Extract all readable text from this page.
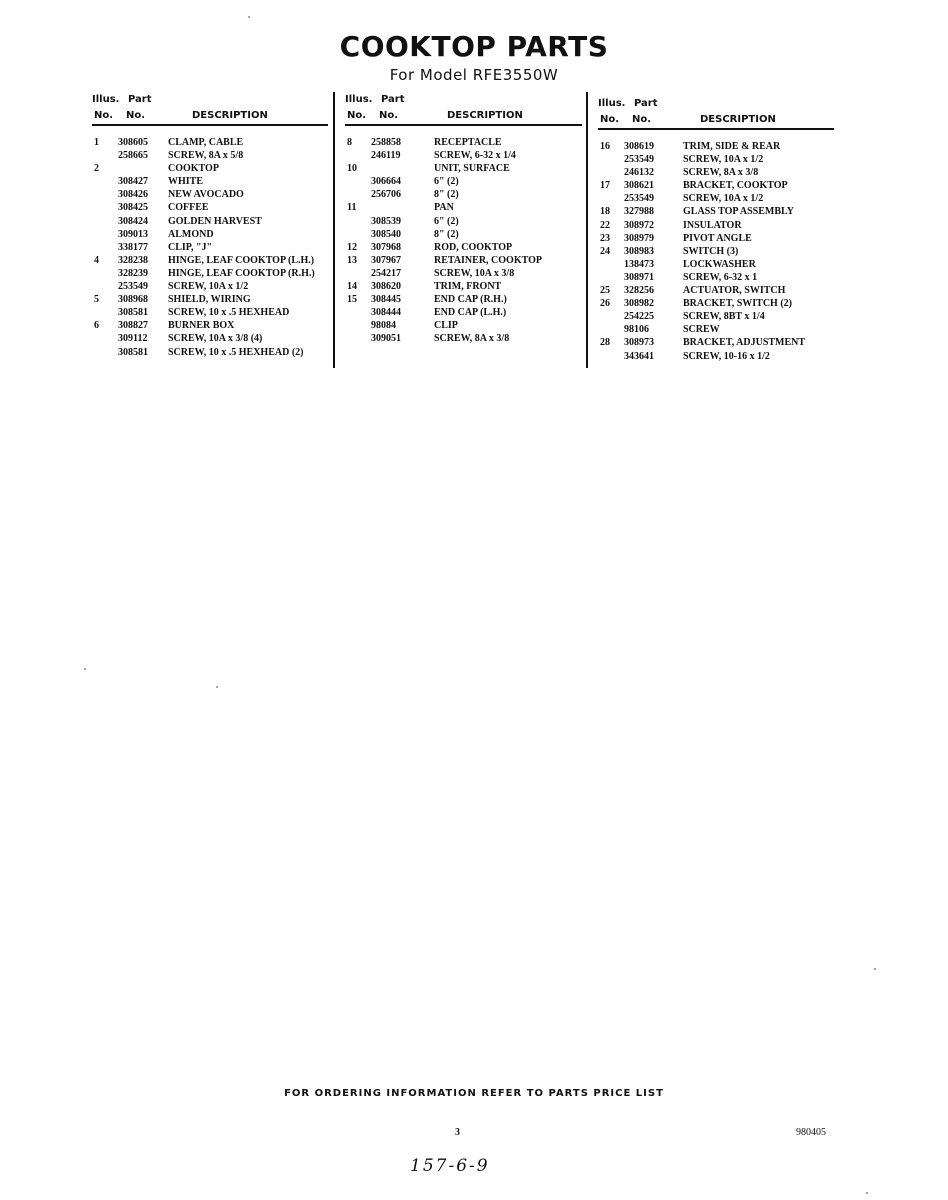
COOKTOP PARTS
For Model RFE3550W
Illus. Part
No. No.	DESCRIPTION
1	308605	CLAMP, CABLE
258665	SCREW, 8A x 5/8
2	COOKTOP
308427	WHITE
308426	NEW AVOCADO
308425	COFFEE
308424	GOLDEN HARVEST
309013	ALMOND
338177	CLIP, "J"
4	328238	HINGE, LEAF COOKTOP (L.H.)
328239	HINGE, LEAF COOKTOP (R.H.)
253549	SCREW, 10A x 1/2
5	308968	SHIELD, WIRING
308581	SCREW, 10 x .5 HEXHEAD
6	308827	BURNER BOX
309112	SCREW, 10A x 3/8 (4)
308581	SCREW, 10 x .5 HEXHEAD (2)
Illus. Part
No. No.	DESCRIPTION
8	258858	RECEPTACLE
246119	SCREW, 6-32 x 1/4
10	UNIT, SURFACE
306664	6" (2)
256706	8" (2)
11	PAN
308539	6" (2)
308540	8" (2)
12	307968	ROD, COOKTOP
13	307967	RETAINER, COOKTOP
254217	SCREW, 10A x 3/8
14	308620	TRIM, FRONT
15	308445	END CAP (R.H.)
308444	END CAP (L.H.)
98084	CLIP
309051	SCREW, 8A x 3/8
Illus. Part
No. No.	DESCRIPTION
16	308619	TRIM, SIDE & REAR
253549	SCREW, 10A x 1/2
246132	SCREW, 8A x 3/8
17	308621	BRACKET, COOKTOP
253549	SCREW, 10A x 1/2
18	327988	GLASS TOP ASSEMBLY
22	308972	INSULATOR
23	308979	PIVOT ANGLE
24	308983	SWITCH (3)
138473	LOCKWASHER
308971	SCREW, 6-32 x 1
25	328256	ACTUATOR, SWITCH
26	308982	BRACKET, SWITCH (2)
254225	SCREW, 8BT x 1/4
98106	SCREW
28	308973	BRACKET, ADJUSTMENT
343641	SCREW, 10-16 x 1/2
FOR ORDERING INFORMATION REFER TO PARTS PRICE LIST
3	980405
157-6-9
